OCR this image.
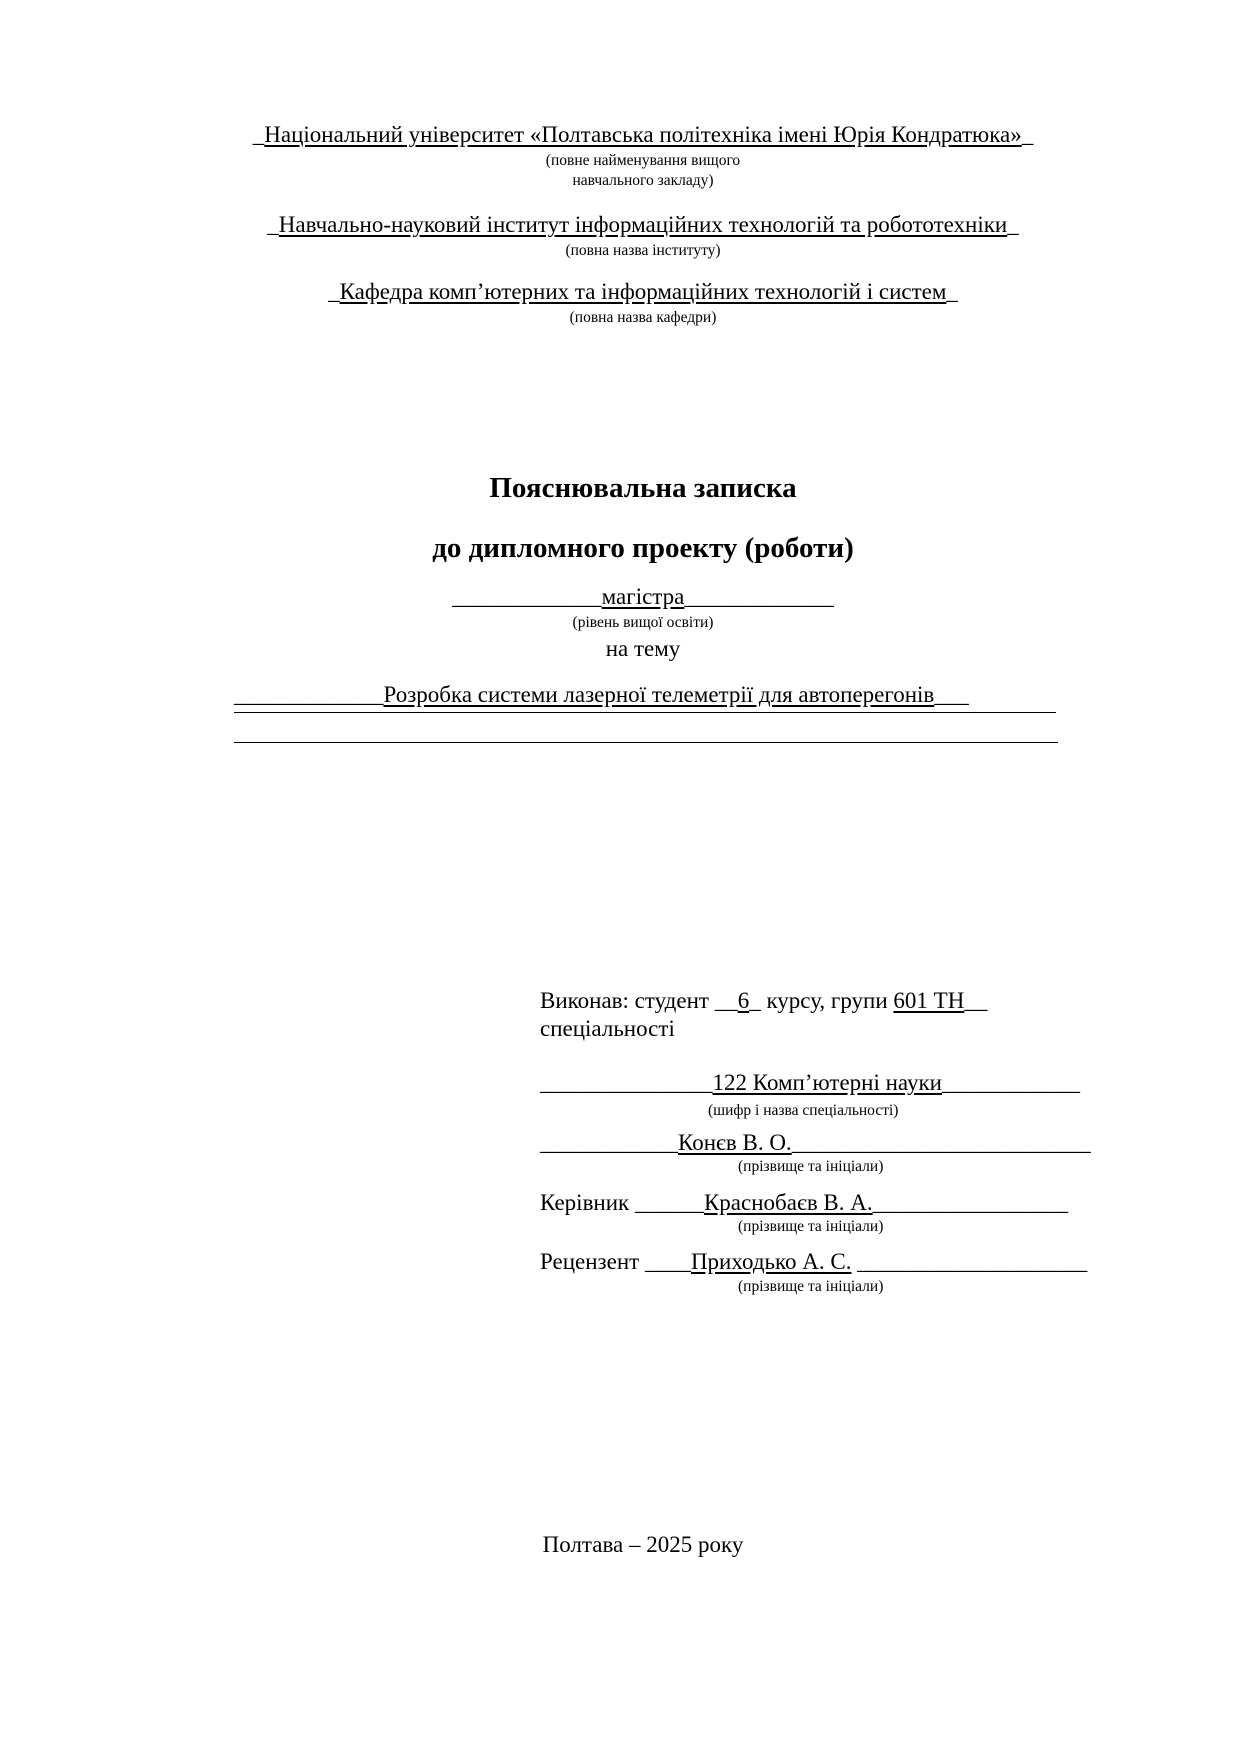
_Національний університет «Полтавська політехніка імені Юрія Кондратюка»_
(повне найменування вищого
навчального закладу)
_Навчально-науковий інститут інформаційних технологій та робототехніки_
(повна назва інституту)
_Кафедра комп’ютерних та інформаційних технологій і систем_
(повна назва кафедри)
Пояснювальна записка
до дипломного проекту (роботи)
_____________магістра_____________
(рівень вищої освіти)
на тему
_____________Розробка системи лазерної телеметрії для автоперегонів___
Виконав: студент __6_ курсу, групи 601 ТН__
спеціальності
_______________122 Комп’ютерні науки____________
(шифр і назва спеціальності)
____________Конєв В. О.__________________________
(прізвище та ініціали)
Керівник ______Краснобаєв В. А._________________
(прізвище та ініціали)
Рецензент ____Приходько А. С. ____________________
(прізвище та ініціали)
Полтава – 2025 року
